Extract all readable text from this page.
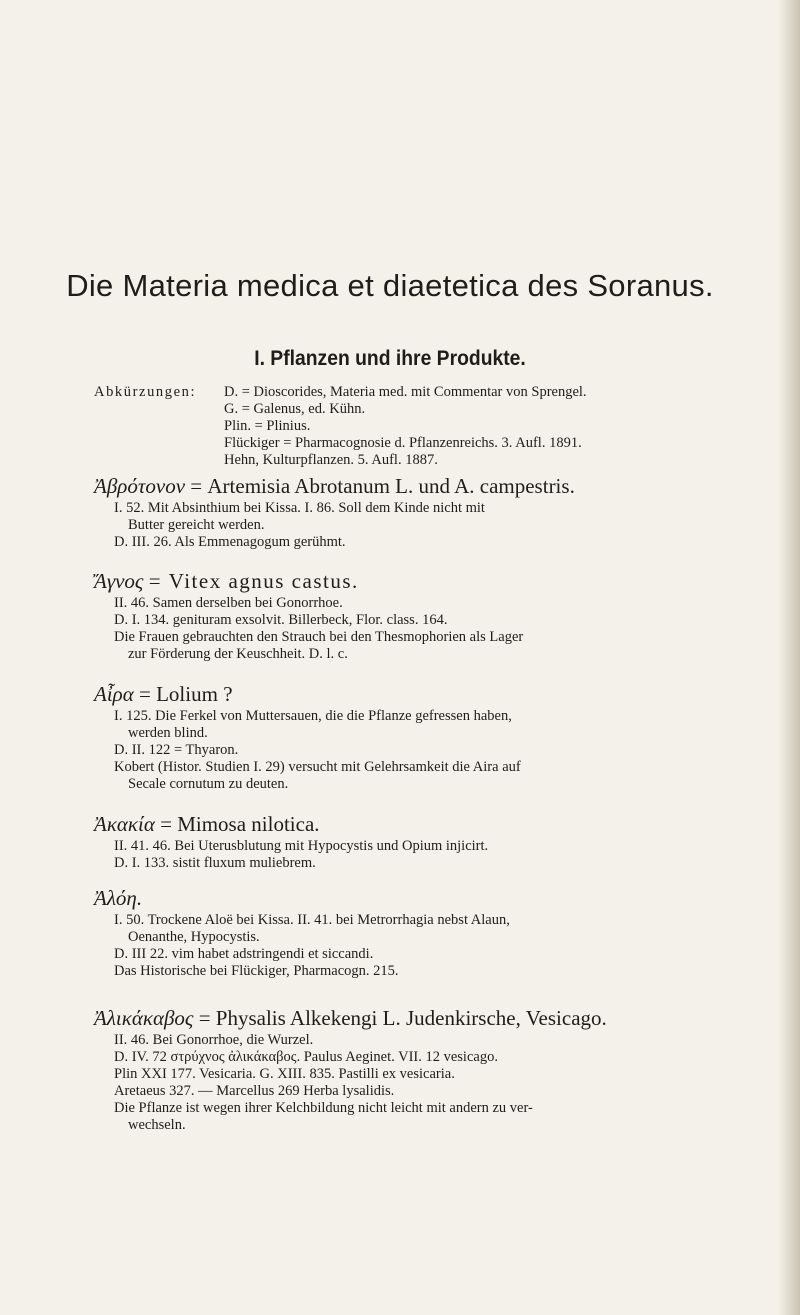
Die Materia medica et diaetetica des Soranus.
I. Pflanzen und ihre Produkte.
Abkürzungen: D. = Dioscorides, Materia med. mit Commentar von Sprengel.
G. = Galenus, ed. Kühn.
Plin. = Plinius.
Flückiger = Pharmacognosie d. Pflanzenreichs. 3. Aufl. 1891.
Hehn, Kulturpflanzen. 5. Aufl. 1887.
Ἀβρότονον = Artemisia Abrotanum L. und A. campestris.
I. 52. Mit Absinthium bei Kissa. I. 86. Soll dem Kinde nicht mit
Butter gereicht werden.
D. III. 26. Als Emmenagogum gerühmt.
Ἄγνος = Vitex agnus castus.
II. 46. Samen derselben bei Gonorrhoe.
D. I. 134. genituram exsolvit. Billerbeck, Flor. class. 164.
Die Frauen gebrauchten den Strauch bei den Thesmophorien als Lager
zur Förderung der Keuschheit. D. l. c.
Αἶρα = Lolium ?
I. 125. Die Ferkel von Muttersauen, die die Pflanze gefressen haben,
werden blind.
D. II. 122 = Thyaron.
Kobert (Histor. Studien I. 29) versucht mit Gelehrsamkeit die Aira auf
Secale cornutum zu deuten.
Ἀκακία = Mimosa nilotica.
II. 41. 46. Bei Uterusblutung mit Hypocystis und Opium injicirt.
D. I. 133. sistit fluxum muliebrem.
Ἀλόη.
I. 50. Trockene Aloë bei Kissa. II. 41. bei Metrorrhagia nebst Alaun,
Oenanthe, Hypocystis.
D. III 22. vim habet adstringendi et siccandi.
Das Historische bei Flückiger, Pharmacogn. 215.
Ἀλικάκαβος = Physalis Alkekengi L. Judenkirsche, Vesicago.
II. 46. Bei Gonorrhoe, die Wurzel.
D. IV. 72 στρύχνος ἀλικάκαβος. Paulus Aeginet. VII. 12 vesicago.
Plin XXI 177. Vesicaria. G. XIII. 835. Pastilli ex vesicaria.
Aretaeus 327. — Marcellus 269 Herba lysalidis.
Die Pflanze ist wegen ihrer Kelchbildung nicht leicht mit andern zu ver-
wechseln.
